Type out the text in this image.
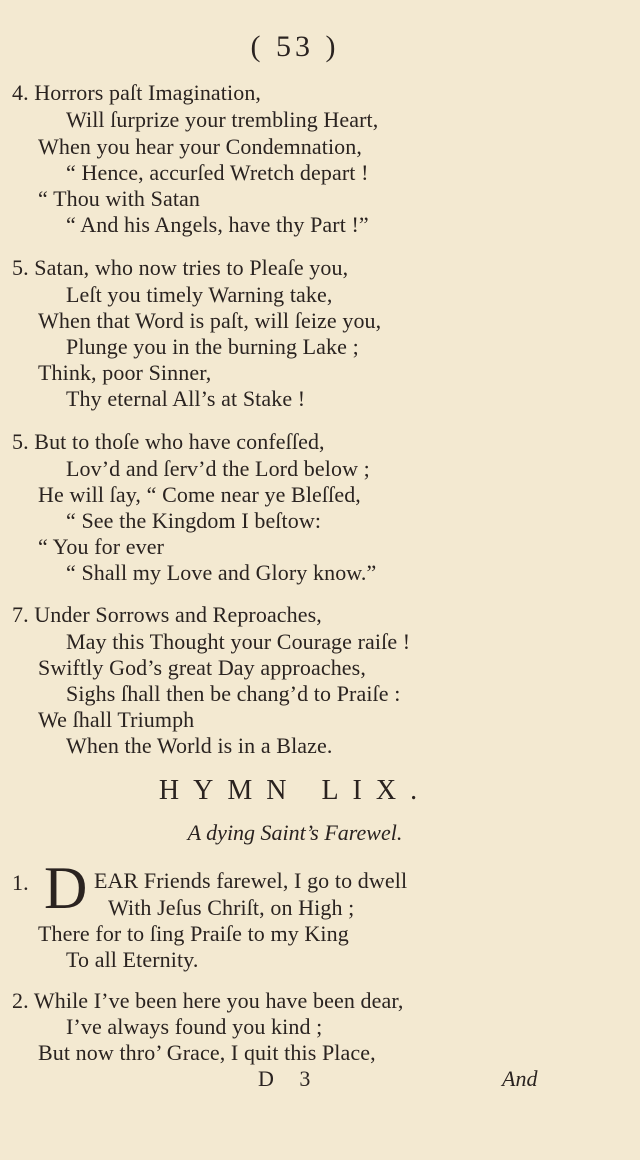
( 53 )
4. Horrors paſt Imagination,
Will ſurprize your trembling Heart,
When you hear your Condemnation,
“ Hence, accurſed Wretch depart !
“ Thou with Satan
“ And his Angels, have thy Part !”
5. Satan, who now tries to Pleaſe you,
Leſt you timely Warning take,
When that Word is paſt, will ſeize you,
Plunge you in the burning Lake ;
Think, poor Sinner,
Thy eternal All’s at Stake !
5. But to thoſe who have confeſſed,
Lov’d and ſerv’d the Lord below ;
He will ſay, “ Come near ye Bleſſed,
“ See the Kingdom I beſtow:
“ You for ever
“ Shall my Love and Glory know.”
7. Under Sorrows and Reproaches,
May this Thought your Courage raiſe !
Swiftly God’s great Day approaches,
Sighs ſhall then be chang’d to Praiſe :
We ſhall Triumph
When the World is in a Blaze.
HYMN LIX.
A dying Saint’s Farewel.
1. D EAR Friends farewel, I go to dwell
With Jeſus Chriſt, on High ;
There for to ſing Praiſe to my King
To all Eternity.
2. While I’ve been here you have been dear,
I’ve always found you kind ;
But now thro’ Grace, I quit this Place,
D 3	And
